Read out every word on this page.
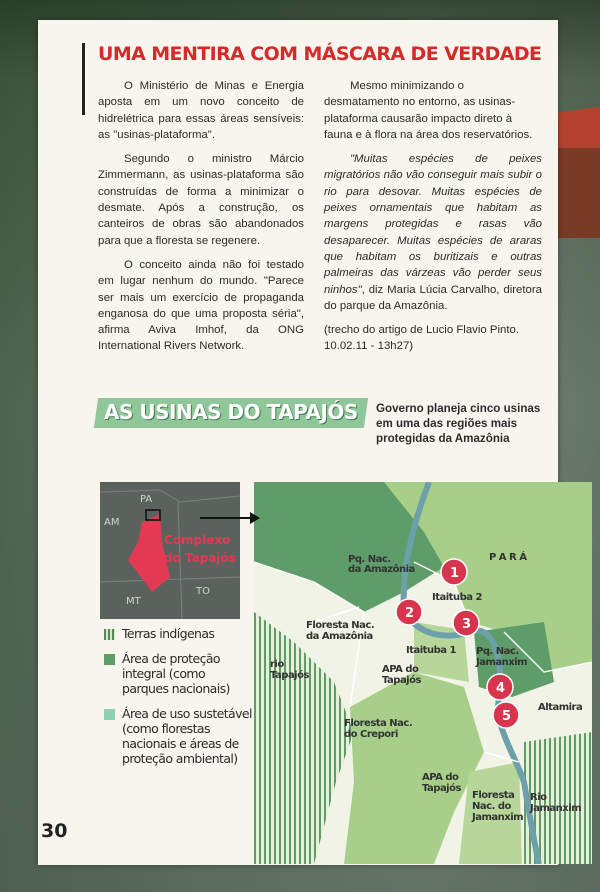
UMA MENTIRA COM MÁSCARA DE VERDADE

O Ministério de Minas e Energia aposta em um novo conceito de hidrelétrica para essas áreas sensíveis: as "usinas-plataforma".

Segundo o ministro Márcio Zimmermann, as usinas-plataforma são construídas de forma a minimizar o desmate. Após a construção, os canteiros de obras são abandonados para que a floresta se regenere.

O conceito ainda não foi testado em lugar nenhum do mundo. "Parece ser mais um exercício de propaganda enganosa do que uma proposta séria", afirma Aviva Imhof, da ONG International Rivers Network.

Mesmo minimizando o desmatamento no entorno, as usinas-plataforma causarão impacto direto à fauna e à flora na área dos reservatórios.

"Muitas espécies de peixes migratórios não vão conseguir mais subir o rio para desovar. Muitas espécies de peixes ornamentais que habitam as margens protegidas e rasas vão desaparecer. Muitas espécies de araras que habitam os buritizais e outras palmeiras das várzeas vão perder seus ninhos", diz Maria Lúcia Carvalho, diretora do parque da Amazônia.

(trecho do artigo de Lucio Flavio Pinto. 10.02.11 - 13h27)

AS USINAS DO TAPAJÓS Governo planeja cinco usinas em uma das regiões mais protegidas da Amazônia
PA
AM
MT
TO
Complexo
do Tapajós
Terras indígenas
Área de proteção integral (como parques nacionais)
Área de uso sustetável (como florestas nacionais e áreas de proteção ambiental)
P A R Á
Pq. Nac. da Amazônia
Floresta Nac. da Amazônia
rio Tapajós
Itaituba 2
Itaituba 1 Pq. Nac. Jamanxim
APA do Tapajós
Floresta Nac. do Crepori
APA do Tapajós
Floresta Nac. do Jamanxim
Altamira
Rio Jamanxim
1
2
3
4
5
30
